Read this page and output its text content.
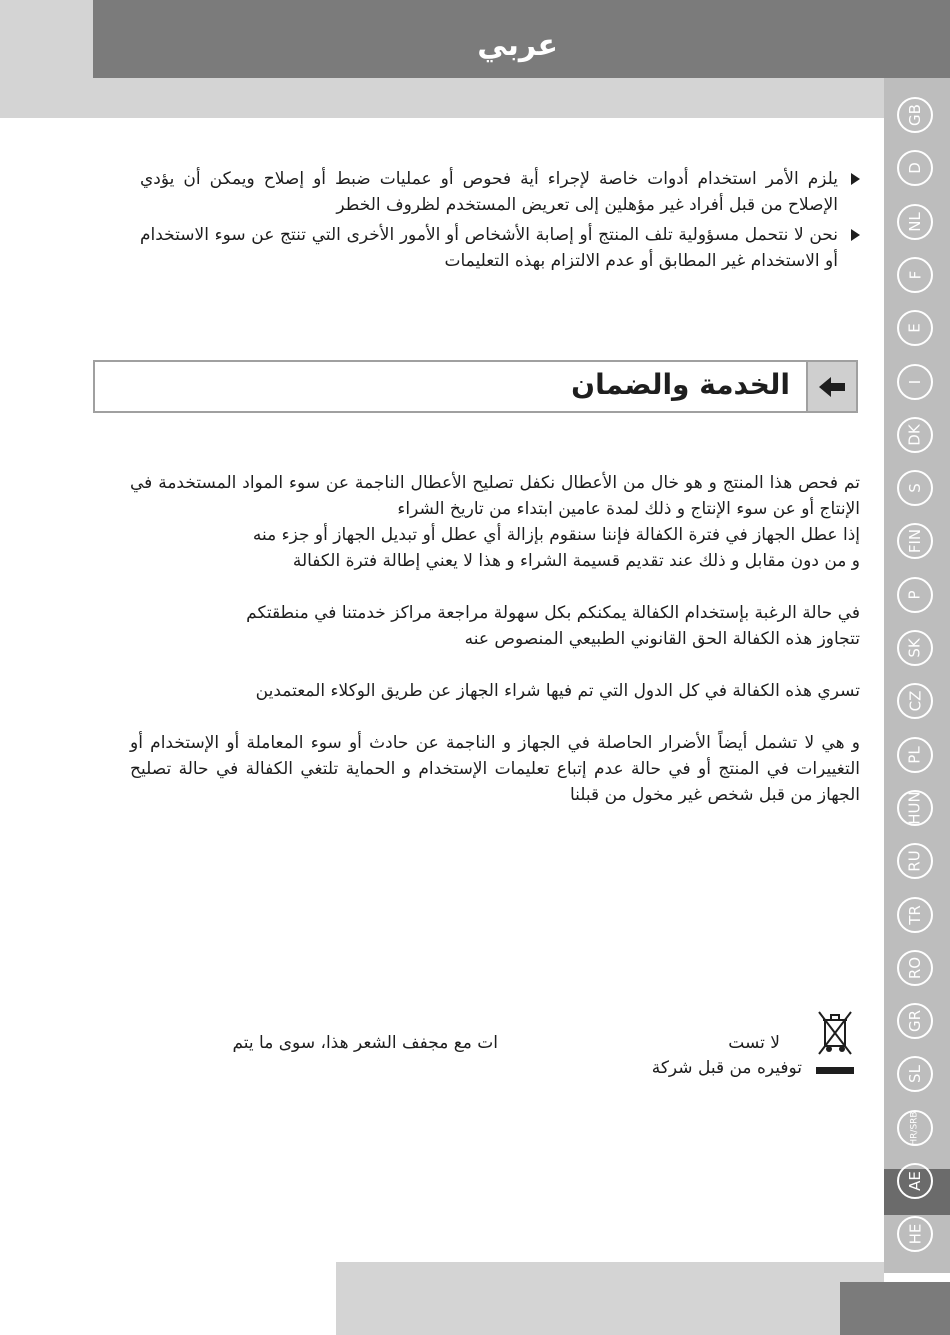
عربي
GB
D
NL
F
E
I
DK
S
FIN
P
SK
CZ
PL
HUN
RU
TR
RO
GR
SL
HR/SRB
AE
HE
يلزم الأمر استخدام أدوات خاصة لإجراء أية فحوص أو عمليات ضبط أو إصلاح ويمكن أن يؤدي الإصلاح من قبل أفراد غير مؤهلين إلى تعريض المستخدم لظروف الخطر
نحن لا نتحمل مسؤولية تلف المنتج أو إصابة الأشخاص أو الأمور الأخرى التي تنتج عن سوء الاستخدام أو الاستخدام غير المطابق أو عدم الالتزام بهذه التعليمات
الخدمة والضمان

تم فحص هذا المنتج و هو خال من الأعطال نكفل تصليح الأعطال الناجمة عن سوء المواد المستخدمة في الإنتاج أو عن سوء الإنتاج و ذلك لمدة عامين ابتداء من تاريخ الشراء

إذا عطل الجهاز في فترة الكفالة فإننا سنقوم بإزالة أي عطل أو تبديل الجهاز أو جزء منه

و من دون مقابل و ذلك عند تقديم قسيمة الشراء و هذا لا يعني إطالة فترة الكفالة

في حالة الرغبة بإستخدام الكفالة يمكنكم بكل سهولة مراجعة مراكز خدمتنا في منطقتكم

تتجاوز هذه الكفالة الحق القانوني الطبيعي المنصوص عنه

تسري هذه الكفالة في كل الدول التي تم فيها شراء الجهاز عن طريق الوكلاء المعتمدين

و هي لا تشمل أيضاً الأضرار الحاصلة في الجهاز و الناجمة عن حادث أو سوء المعاملة أو الإستخدام أو التغييرات في المنتج أو في حالة عدم إتباع تعليمات الإستخدام و الحماية تلتغي الكفالة في حالة تصليح الجهاز من قبل شخص غير مخول من قبلنا

لا تست
ات مع مجفف الشعر هذا، سوى ما يتم
توفيره من قبل شركة
